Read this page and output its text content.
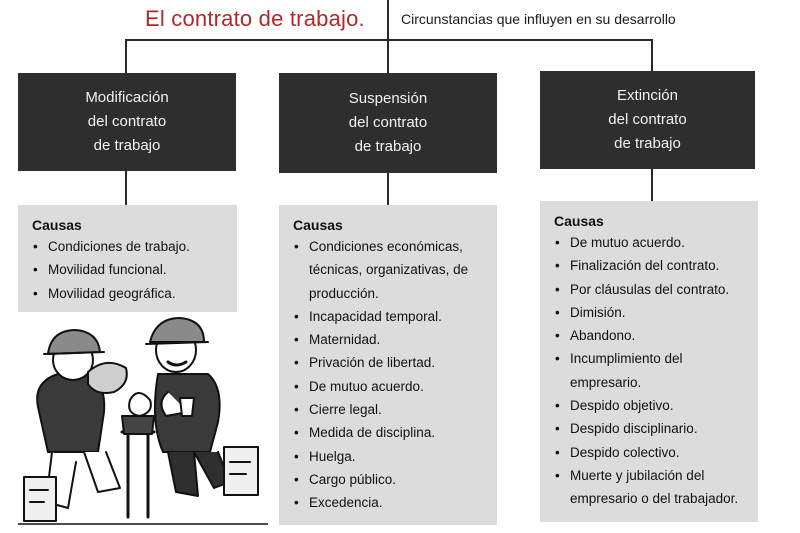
El contrato de trabajo.	Circunstancias que influyen en su desarrollo
Modificación
del contrato
de trabajo
Suspensión
del contrato
de trabajo
Extinción
del contrato
de trabajo
Causas
• Condiciones de trabajo.
• Movilidad funcional.
• Movilidad geográfica.
Causas
• Condiciones económicas,
técnicas, organizativas, de
producción.
• Incapacidad temporal.
• Maternidad.
• Privación de libertad.
• De mutuo acuerdo.
• Cierre legal.
• Medida de disciplina.
• Huelga.
• Cargo público.
• Excedencia.
Causas
• De mutuo acuerdo.
• Finalización del contrato.
• Por cláusulas del contrato.
• Dimisión.
• Abandono.
• Incumplimiento del
empresario.
• Despido objetivo.
• Despido disciplinario.
• Despido colectivo.
• Muerte y jubilación del
empresario o del trabajador.
